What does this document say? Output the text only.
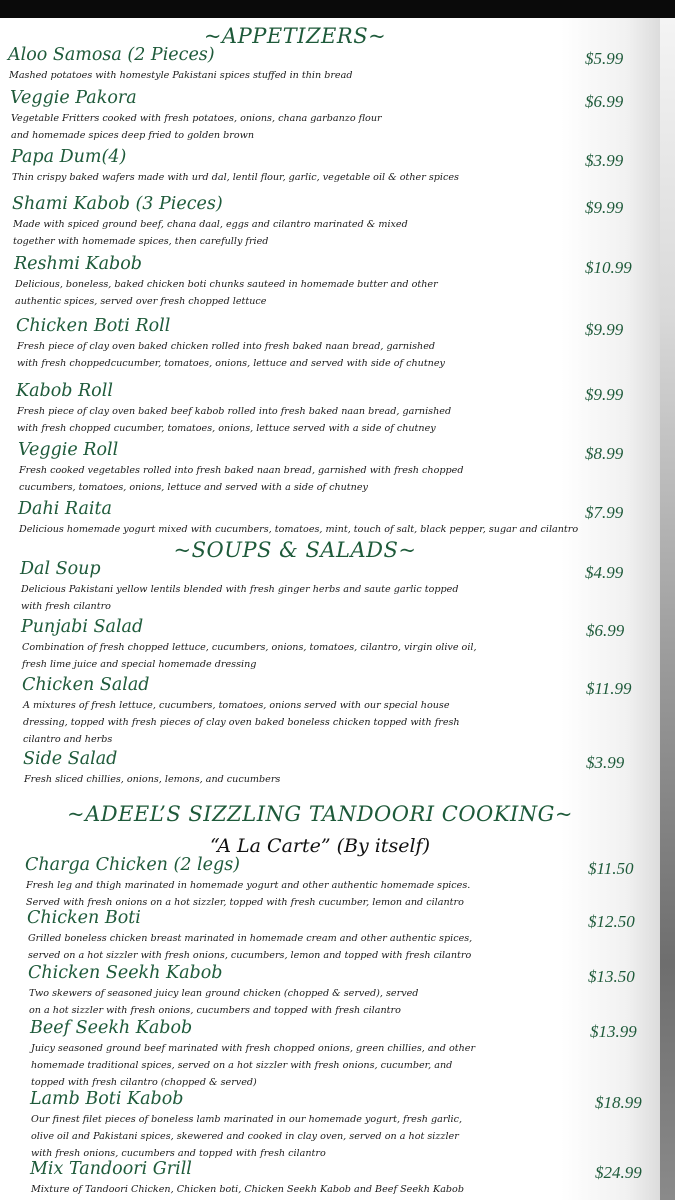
~APPETIZERS~
~SOUPS & SALADS~
~ADEEL’S SIZZLING TANDOORI COOKING~
“A La Carte” (By itself)
Aloo Samosa (2 Pieces)
Mashed potatoes with homestyle Pakistani spices stuffed in thin bread
$5.99
Veggie Pakora
Vegetable Fritters cooked with fresh potatoes, onions, chana garbanzo flour
and homemade spices deep fried to golden brown
$6.99
Papa Dum(4)
Thin crispy baked wafers made with urd dal, lentil flour, garlic, vegetable oil & other spices
$3.99
Shami Kabob (3 Pieces)
Made with spiced ground beef, chana daal, eggs and cilantro marinated & mixed
together with homemade spices, then carefully fried
$9.99
Reshmi Kabob
Delicious, boneless, baked chicken boti chunks sauteed in homemade butter and other
authentic spices, served over fresh chopped lettuce
$10.99
Chicken Boti Roll
Fresh piece of clay oven baked chicken rolled into fresh baked naan bread, garnished
with fresh choppedcucumber, tomatoes, onions, lettuce and served with side of chutney
$9.99
Kabob Roll
Fresh piece of clay oven baked beef kabob rolled into fresh baked naan bread, garnished
with fresh chopped cucumber, tomatoes, onions, lettuce served with a side of chutney
$9.99
Veggie Roll
Fresh cooked vegetables rolled into fresh baked naan bread, garnished with fresh chopped
cucumbers, tomatoes, onions, lettuce and served with a side of chutney
$8.99
Dahi Raita
Delicious homemade yogurt mixed with cucumbers, tomatoes, mint, touch of salt, black pepper, sugar and cilantro
$7.99
Dal Soup
Delicious Pakistani yellow lentils blended with fresh ginger herbs and saute garlic topped
with fresh cilantro
$4.99
Punjabi Salad
Combination of fresh chopped lettuce, cucumbers, onions, tomatoes, cilantro, virgin olive oil,
fresh lime juice and special homemade dressing
$6.99
Chicken Salad
A mixtures of fresh lettuce, cucumbers, tomatoes, onions served with our special house
dressing, topped with fresh pieces of clay oven baked boneless chicken topped with fresh
cilantro and herbs
$11.99
Side Salad
Fresh sliced chillies, onions, lemons, and cucumbers
$3.99
Charga Chicken (2 legs)
Fresh leg and thigh marinated in homemade yogurt and other authentic homemade spices.
Served with fresh onions on a hot sizzler, topped with fresh cucumber, lemon and cilantro
$11.50
Chicken Boti
Grilled boneless chicken breast marinated in homemade cream and other authentic spices,
served on a hot sizzler with fresh onions, cucumbers, lemon and topped with fresh cilantro
$12.50
Chicken Seekh Kabob
Two skewers of seasoned juicy lean ground chicken (chopped & served), served
on a hot sizzler with fresh onions, cucumbers and topped with fresh cilantro
$13.50
Beef Seekh Kabob
Juicy seasoned ground beef marinated with fresh chopped onions, green chillies, and other
homemade traditional spices, served on a hot sizzler with fresh onions, cucumber, and
topped with fresh cilantro (chopped & served)
$13.99
Lamb Boti Kabob
Our finest filet pieces of boneless lamb marinated in our homemade yogurt, fresh garlic,
olive oil and Pakistani spices, skewered and cooked in clay oven, served on a hot sizzler
with fresh onions, cucumbers and topped with fresh cilantro
$18.99
Mix Tandoori Grill
Mixture of Tandoori Chicken, Chicken boti, Chicken Seekh Kabob and Beef Seekh Kabob
$24.99
